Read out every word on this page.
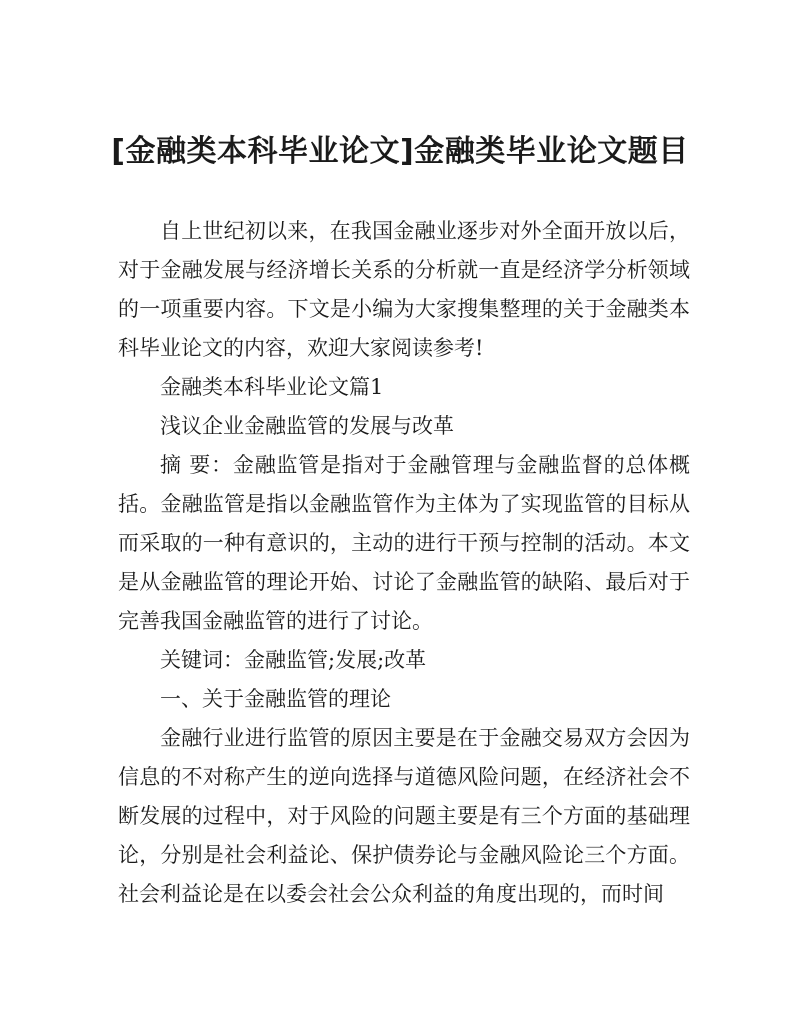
[金融类本科毕业论文]金融类毕业论文题目

自上世纪初以来，在我国金融业逐步对外全面开放以后，对于金融发展与经济增长关系的分析就一直是经济学分析领域的一项重要内容。下文是小编为大家搜集整理的关于金融类本科毕业论文的内容，欢迎大家阅读参考!

金融类本科毕业论文篇1

浅议企业金融监管的发展与改革

摘 要：金融监管是指对于金融管理与金融监督的总体概括。金融监管是指以金融监管作为主体为了实现监管的目标从而采取的一种有意识的，主动的进行干预与控制的活动。本文是从金融监管的理论开始、讨论了金融监管的缺陷、最后对于完善我国金融监管的进行了讨论。

关键词：金融监管;发展;改革

一、关于金融监管的理论

金融行业进行监管的原因主要是在于金融交易双方会因为信息的不对称产生的逆向选择与道德风险问题，在经济社会不断发展的过程中，对于风险的问题主要是有三个方面的基础理论，分别是社会利益论、保护债券论与金融风险论三个方面。社会利益论是在以委会社会公众利益的角度出现的，而时间
